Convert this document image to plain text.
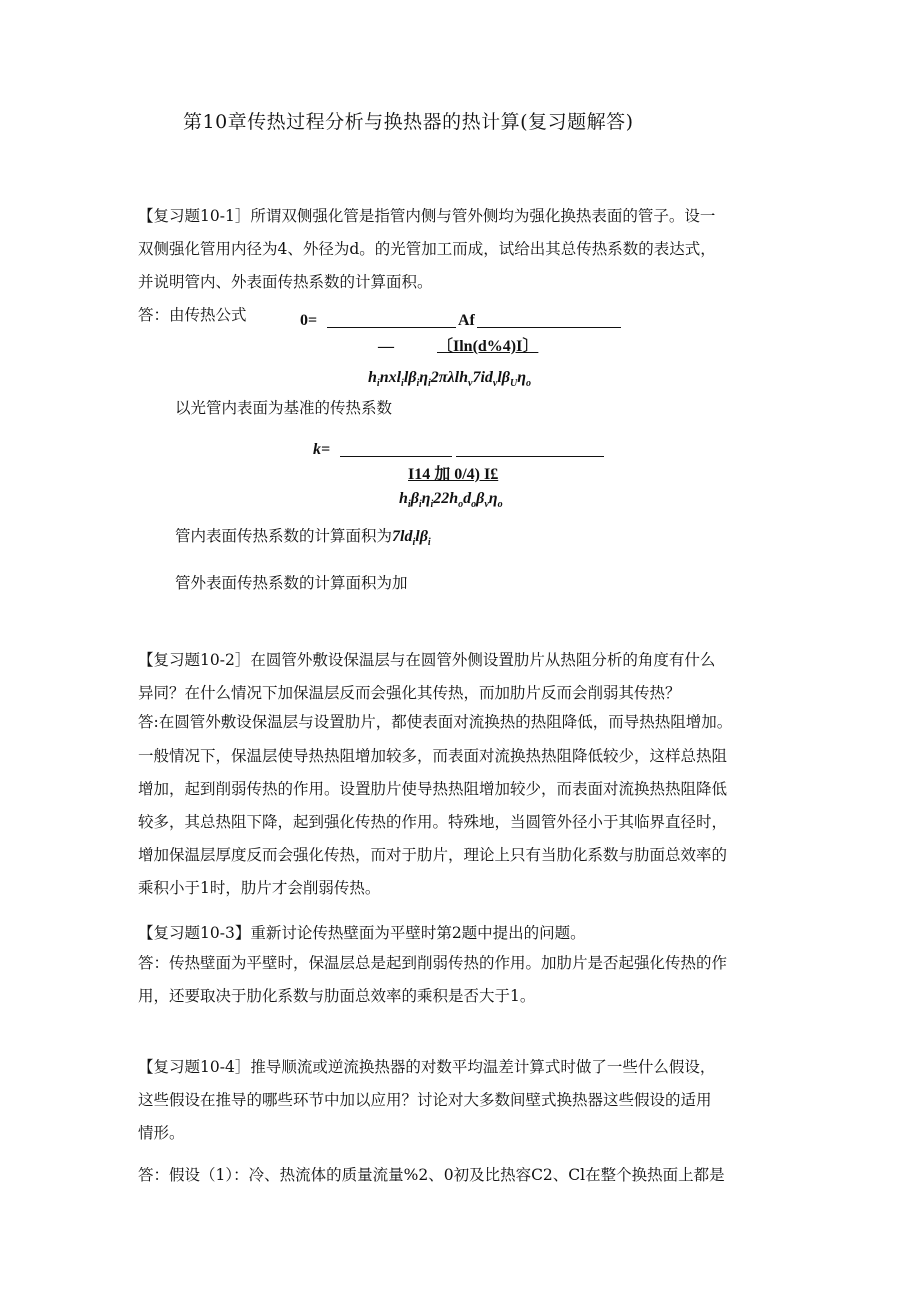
第10章传热过程分析与换热器的热计算(复习题解答)
【复习题10-1］所谓双侧强化管是指管内侧与管外侧均为强化换热表面的管子。设一
双侧强化管用内径为4、外径为d。的光管加工而成，试给出其总传热系数的表达式，
并说明管内、外表面传热系数的计算面积。
答：由传热公式	0=	Af
—	〔Iln(d%4)I〕
$h_inxl_il\beta_i\eta_i2\pi\lambda lh_v7id_vl\beta_U\eta_o$
以光管内表面为基准的传热系数
k=
I14 加 0/4) I£
$h_i\beta_i\eta_i22h_od_o\beta_v\eta_o$
管内表面传热系数的计算面积为$7ld_il\beta_i$
管外表面传热系数的计算面积为加
【复习题10-2］在圆管外敷设保温层与在圆管外侧设置肋片从热阻分析的角度有什么
异同？在什么情况下加保温层反而会强化其传热，而加肋片反而会削弱其传热？
答:在圆管外敷设保温层与设置肋片，都使表面对流换热的热阻降低，而导热热阻增加。
一般情况下，保温层使导热热阻增加较多，而表面对流换热热阻降低较少，这样总热阻
增加，起到削弱传热的作用。设置肋片使导热热阻增加较少，而表面对流换热热阻降低
较多，其总热阻下降，起到强化传热的作用。特殊地，当圆管外径小于其临界直径时，
增加保温层厚度反而会强化传热，而对于肋片，理论上只有当肋化系数与肋面总效率的
乘积小于1时，肋片才会削弱传热。
【复习题10-3】重新讨论传热壁面为平壁时第2题中提出的问题。
答：传热壁面为平壁时，保温层总是起到削弱传热的作用。加肋片是否起强化传热的作
用，还要取决于肋化系数与肋面总效率的乘积是否大于1。
【复习题10-4］推导顺流或逆流换热器的对数平均温差计算式时做了一些什么假设，
这些假设在推导的哪些环节中加以应用？讨论对大多数间壁式换热器这些假设的适用
情形。
答：假设（1）：冷、热流体的质量流量%2、0初及比热容C2、Cl在整个换热面上都是
